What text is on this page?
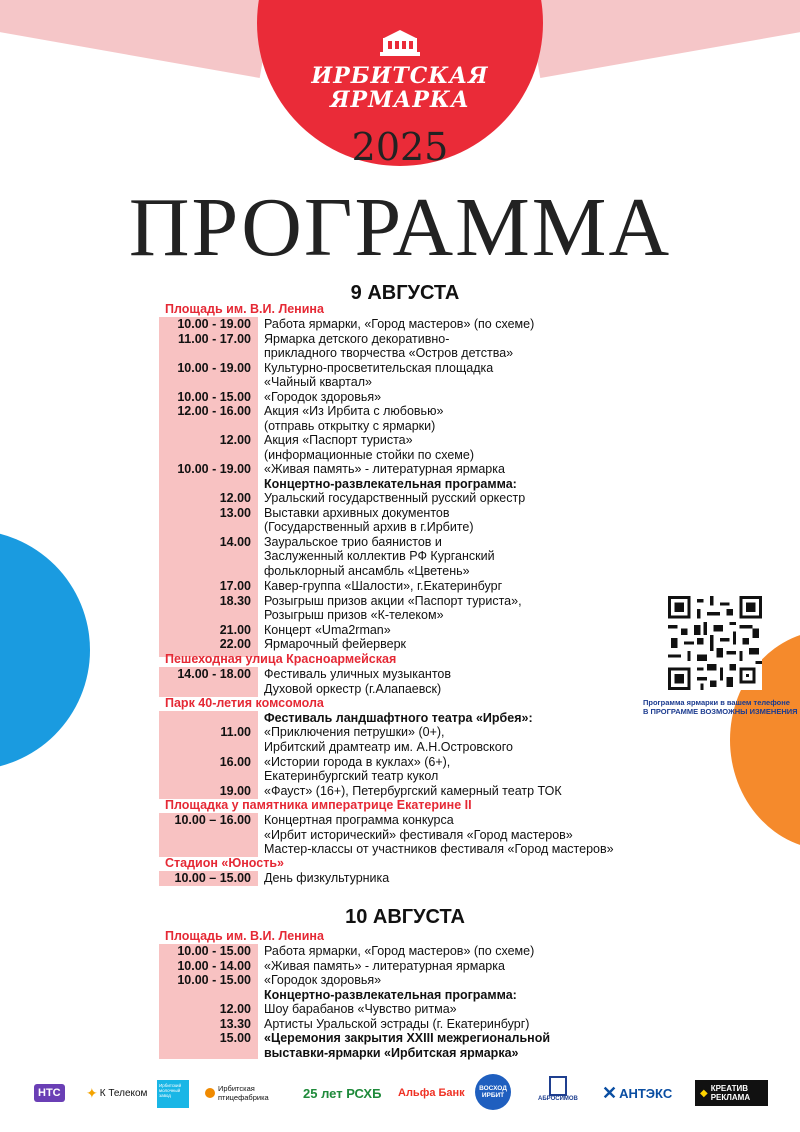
ИРБИТСКАЯ
ЯРМАРКА
2025
ПРОГРАММА
9 АВГУСТА
Площадь им. В.И. Ленина
Пешеходная улица Красноармейская
Парк 40-летия комсомола
Площадка у памятника императрице Екатерине II
Стадион «Юность»
10.00 - 19.00 Работа ярмарки, «Город мастеров» (по схеме)
11.00 - 17.00 Ярмарка детского декоративно-
прикладного творчества «Остров детства»
10.00 - 19.00 Культурно-просветительская площадка
«Чайный квартал»
10.00 - 15.00 «Городок здоровья»
12.00 - 16.00 Акция «Из Ирбита с любовью»
(отправь открытку с ярмарки)
12.00 Акция «Паспорт туриста»
(информационные стойки по схеме)
10.00 - 19.00 «Живая память» - литературная ярмарка
Концертно-развлекательная программа:
12.00 Уральский государственный русский оркестр
13.00 Выставки архивных документов
(Государственный архив в г.Ирбите)
14.00 Зауральское трио баянистов и
Заслуженный коллектив РФ Курганский
фольклорный ансамбль «Цветень»
17.00 Кавер-группа «Шалости», г.Екатеринбург
18.30 Розыгрыш призов акции «Паспорт туриста»,
Розыгрыш призов «К-телеком»
21.00 Концерт «Uma2rman»
22.00 Ярмарочный фейерверк
14.00 - 18.00 Фестиваль уличных музыкантов
Духовой оркестр (г.Алапаевск)
Фестиваль ландшафтного театра «Ирбея»:
11.00 «Приключения петрушки» (0+),
Ирбитский драмтеатр им. А.Н.Островского
16.00 «Истории города в куклах» (6+),
Екатеринбургский театр кукол
19.00 «Фауст» (16+), Петербургский камерный театр ТОК
10.00 – 16.00 Концертная программа конкурса
«Ирбит исторический» фестиваля «Город мастеров»
Мастер-классы от участников фестиваля «Город мастеров»
10.00 – 15.00 День физкультурника
10 АВГУСТА
Площадь им. В.И. Ленина
10.00 - 15.00 Работа ярмарки, «Город мастеров» (по схеме)
10.00 - 14.00 «Живая память» - литературная ярмарка
10.00 - 15.00 «Городок здоровья»
Концертно-развлекательная программа:
12.00 Шоу барабанов «Чувство ритма»
13.30 Артисты Уральской эстрады (г. Екатеринбург)
15.00 «Церемония закрытия XXIII межрегиональной
выставки-ярмарки «Ирбитская ярмарка»
Программа ярмарки в вашем телефоне
В ПРОГРАММЕ ВОЗМОЖНЫ ИЗМЕНЕНИЯ
НТС ✦ К Телеком
Ирбитский молочный завод
Ирбитская птицефабрика	25 лет РСХБ Альфа Банк	ВОСХОД ИРБИТ	АБРОСИМОВ ✕ АНТЭКС	◆ КРЕАТИВ РЕКЛАМА
